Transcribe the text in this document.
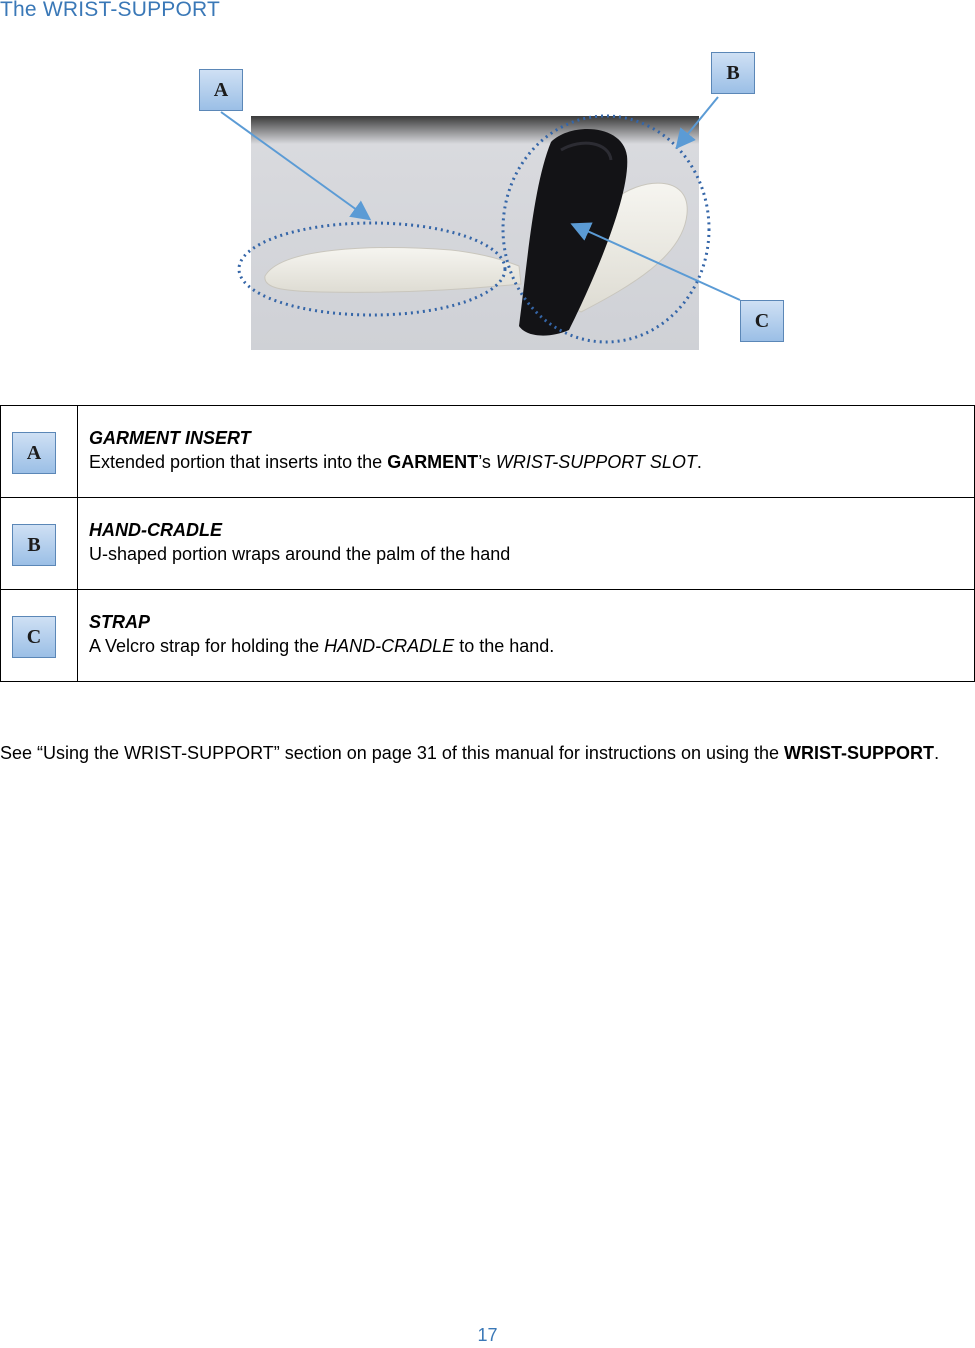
The WRIST-SUPPORT
A
B
C
A	GARMENT INSERT
Extended portion that inserts into the GARMENT’s WRIST-SUPPORT SLOT.

B	HAND-CRADLE
U-shaped portion wraps around the palm of the hand

C	STRAP
A Velcro strap for holding the HAND-CRADLE to the hand.
See “Using the WRIST-SUPPORT” section on page 31 of this manual for instructions on using the WRIST-SUPPORT.
17
